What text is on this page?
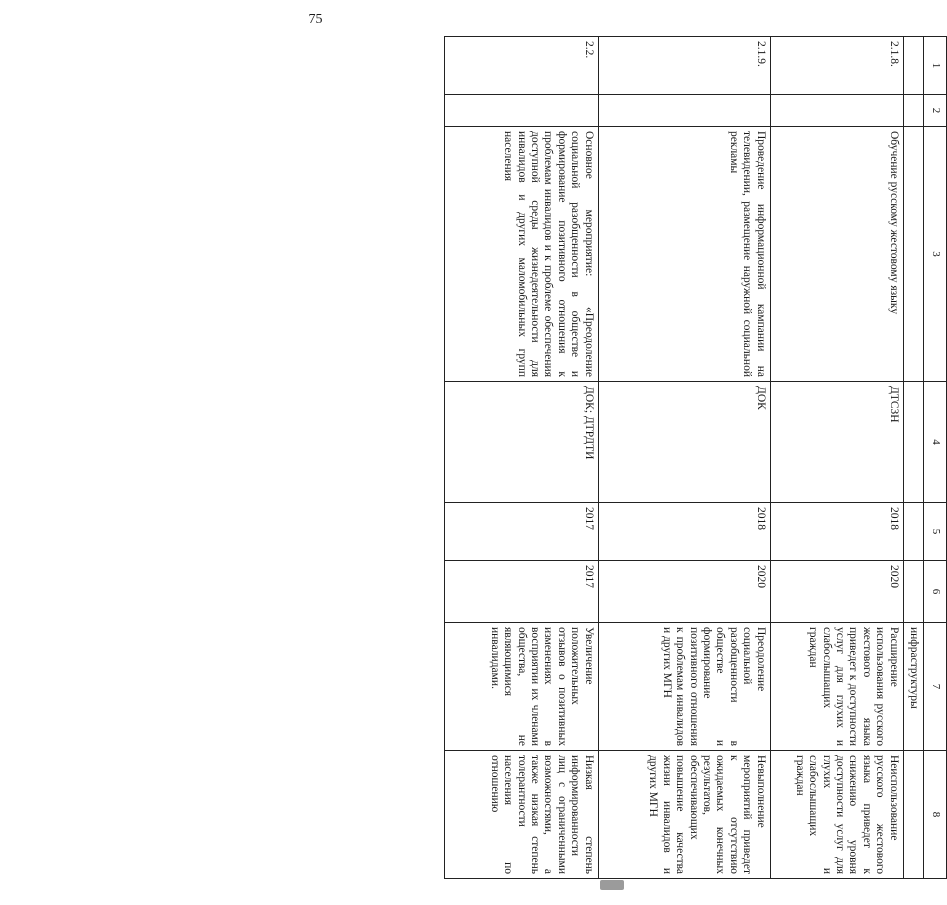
75
1	2	3	4	5	6	7	8
						инфраструктуры	
2.1.8.		Обучение русскому жестовому языку	ДТСЗН	2018	2020	Расширение использования русского жестового языка приведет к доступности услуг для глухих и слабослышащих граждан	Неиспользование русского жестового языка приведет к снижению уровня доступности услуг для глухих и слабослышащих граждан
2.1.9.		Проведение информационной кампании на телевидении, размещение наружной социальной рекламы	ДОК	2018	2020	Преодоление социальной разобщенности в обществе и формирование позитивного отношения к проблемам инвалидов и других МГН	Невыполнение мероприятий приведет к отсутствию ожидаемых конечных результатов, обеспечивающих повышение качества жизни инвалидов и других МГН
2.2.		Основное мероприятие: «Преодоление социальной разобщенности в обществе и формирование позитивного отношения к проблемам инвалидов и к проблеме обеспечения доступной среды жизнедеятельности для инвалидов и других маломобильных групп населения	ДОК; ДТРДТИ	2017	2017	Увеличение положительных отзывов о позитивных изменениях в восприятии их членами общества, не являющимися инвалидами.	Низкая степень информированности лиц с ограниченными возможностями, а также низкая степень толерантности населения по отношению
